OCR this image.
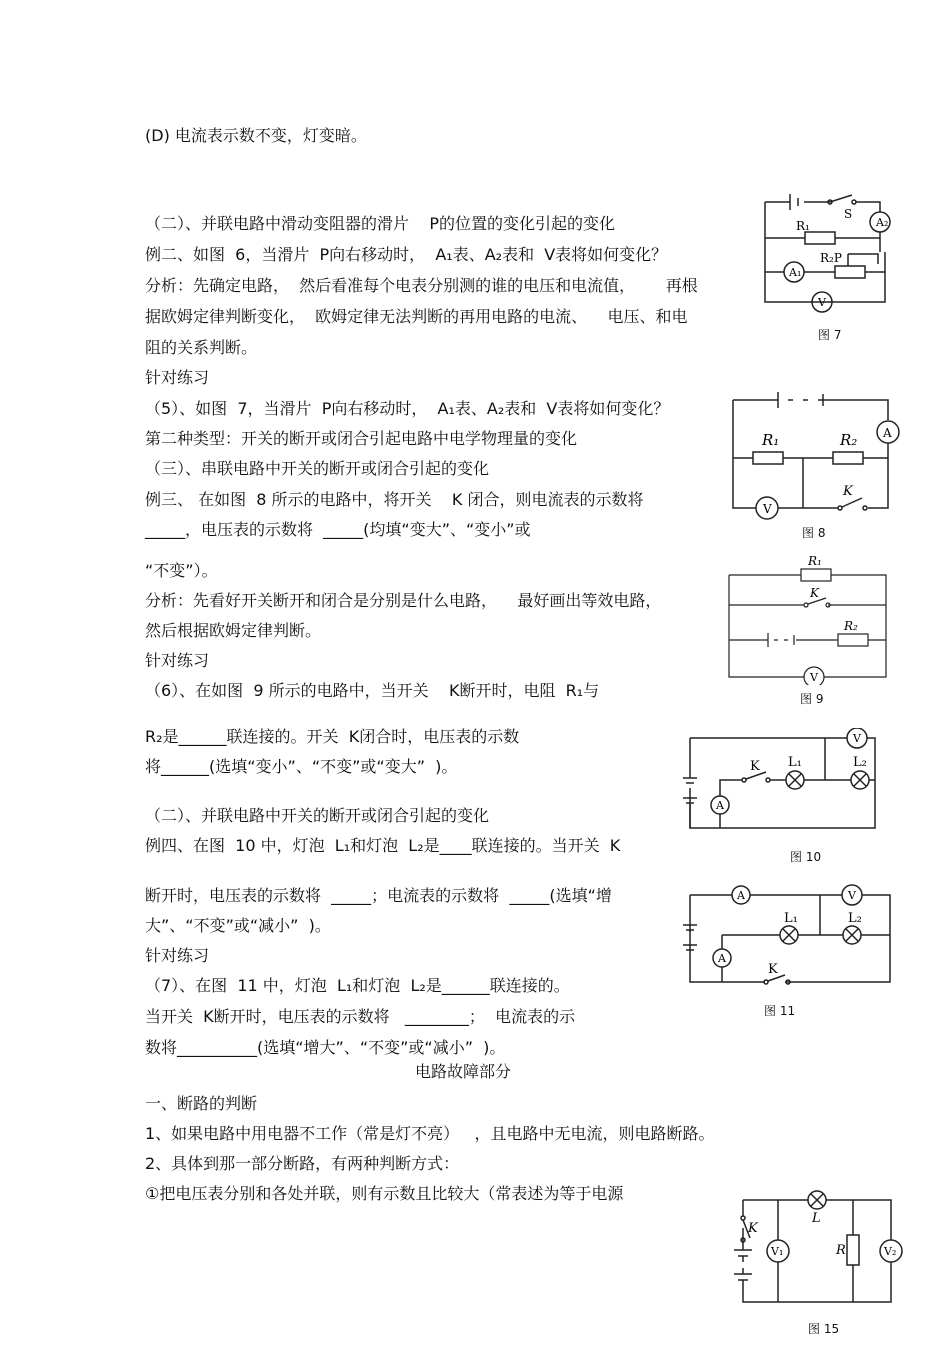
(D) 电流表示数不变，灯变暗。
（二）、并联电路中滑动变阻器的滑片    P的位置的变化引起的变化
例二、如图  6，当滑片  P向右移动时，  A₁表、A₂表和  V表将如何变化？
分析：先确定电路，  然后看准每个电表分别测的谁的电压和电流值，      再根
据欧姆定律判断变化，  欧姆定律无法判断的再用电路的电流、    电压、和电
阻的关系判断。
针对练习
（5）、如图  7，当滑片  P向右移动时，  A₁表、A₂表和  V表将如何变化？
第二种类型：开关的断开或闭合引起电路中电学物理量的变化
（三）、串联电路中开关的断开或闭合引起的变化
例三、 在如图  8 所示的电路中，将开关    K 闭合，则电流表的示数将
_____，电压表的示数将  _____(均填“变大”、“变小”或
“不变”）。
分析：先看好开关断开和闭合是分别是什么电路，    最好画出等效电路，
然后根据欧姆定律判断。
针对练习
（6）、在如图  9 所示的电路中，当开关    K断开时，电阻  R₁与
R₂是______联连接的。开关  K闭合时，电压表的示数
将______(选填“变小”、“不变”或“变大”  )。
（二）、并联电路中开关的断开或闭合引起的变化
例四、在图  10 中，灯泡  L₁和灯泡  L₂是____联连接的。当开关  K
断开时，电压表的示数将  _____；电流表的示数将  _____(选填“增
大”、“不变”或“减小”  )。
针对练习
（7）、在图  11 中，灯泡  L₁和灯泡  L₂是______联连接的。
当开关  K断开时，电压表的示数将   ________；  电流表的示
数将__________(选填“增大”、“不变”或“减小”  )。
电路故障部分
一、断路的判断
1、如果电路中用电器不工作（常是灯不亮）   ，且电路中无电流，则电路断路。
2、具体到那一部分断路，有两种判断方式：
①把电压表分别和各处并联，则有示数且比较大（常表述为等于电源
A₂
R₁
S
R₂P
A₁
V
图 7
R₁	R₂ A
V
K
图 8
R₁
K
R₂
V
图 9
V
K L₁	L₂
A
图 10
A	V
L₁	L₂
A
K
图 11
K
L
V₁	R	V₂
图 15
